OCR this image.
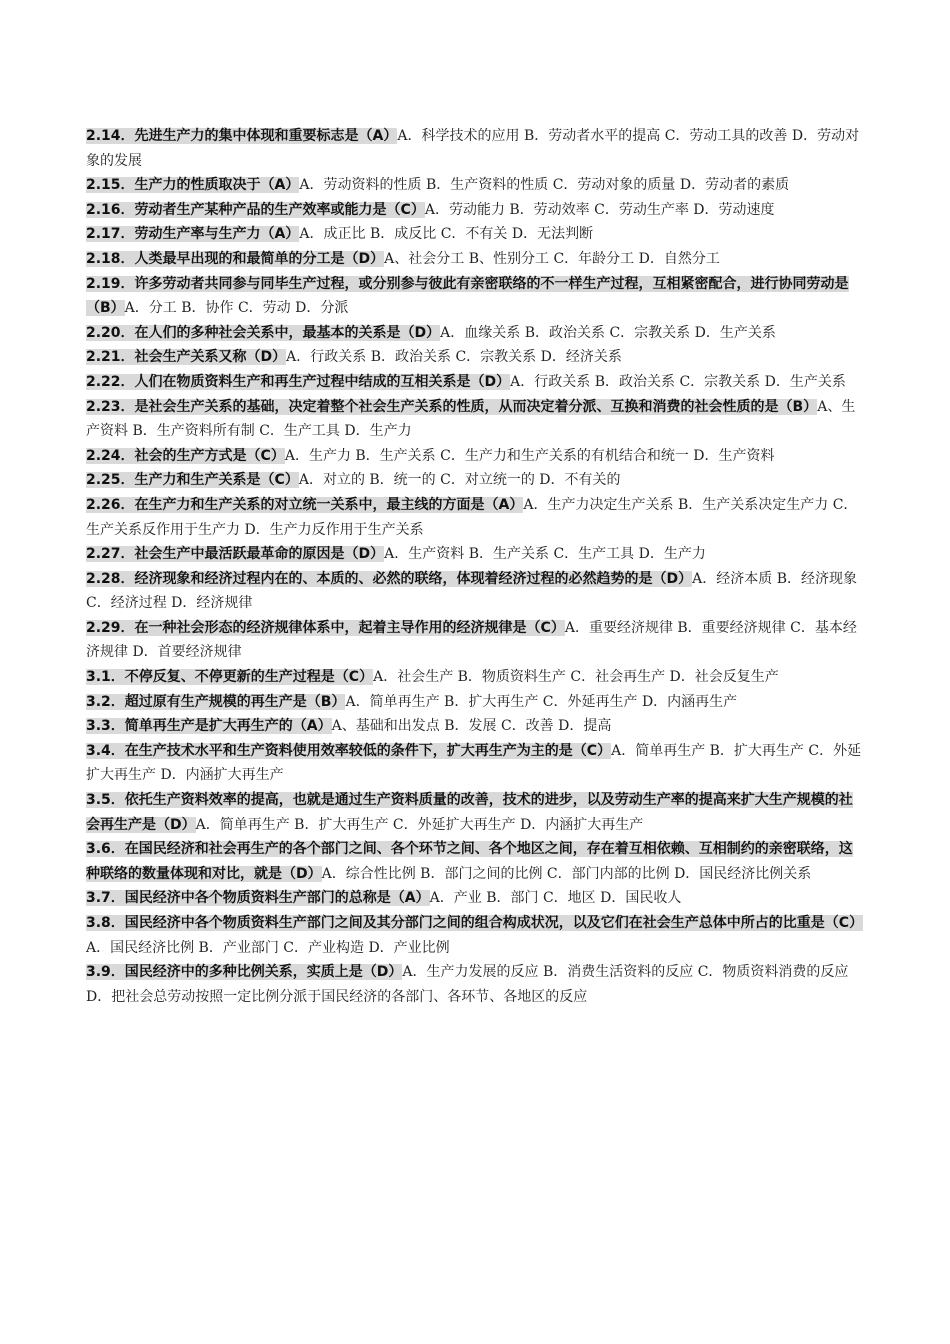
2.14．先进生产力的集中体现和重要标志是（A）A．科学技术的应用 B．劳动者水平的提高 C．劳动工具的改善 D．劳动对象的发展

2.15．生产力的性质取决于（A）A．劳动资料的性质 B．生产资料的性质 C．劳动对象的质量 D．劳动者的素质

2.16．劳动者生产某种产品的生产效率或能力是（C）A．劳动能力 B．劳动效率 C．劳动生产率 D．劳动速度

2.17．劳动生产率与生产力（A）A．成正比 B．成反比 C．不有关 D．无法判断

2.18．人类最早出现的和最简单的分工是（D）A、社会分工 B、性别分工 C．年龄分工 D．自然分工

2.19．许多劳动者共同参与同毕生产过程，或分别参与彼此有亲密联络的不一样生产过程，互相紧密配合，进行协同劳动是（B）A．分工 B．协作 C．劳动 D．分派

2.20．在人们的多种社会关系中，最基本的关系是（D）A．血缘关系 B．政治关系 C．宗教关系 D．生产关系

2.21．社会生产关系又称（D）A．行政关系 B．政治关系 C．宗教关系 D．经济关系

2.22．人们在物质资料生产和再生产过程中结成的互相关系是（D）A．行政关系 B．政治关系 C．宗教关系 D．生产关系

2.23．是社会生产关系的基础，决定着整个社会生产关系的性质，从而决定着分派、互换和消费的社会性质的是（B）A、生产资料 B．生产资料所有制 C．生产工具 D．生产力

2.24．社会的生产方式是（C）A．生产力 B．生产关系 C．生产力和生产关系的有机结合和统一 D．生产资料

2.25．生产力和生产关系是（C）A．对立的 B．统一的 C．对立统一的 D．不有关的

2.26．在生产力和生产关系的对立统一关系中，最主线的方面是（A）A．生产力决定生产关系 B．生产关系决定生产力 C．生产关系反作用于生产力 D．生产力反作用于生产关系

2.27．社会生产中最活跃最革命的原因是（D）A．生产资料 B．生产关系 C．生产工具 D．生产力

2.28．经济现象和经济过程内在的、本质的、必然的联络，体现着经济过程的必然趋势的是（D）A．经济本质 B．经济现象 C．经济过程 D．经济规律

2.29．在一种社会形态的经济规律体系中，起着主导作用的经济规律是（C）A．重要经济规律 B．重要经济规律 C．基本经济规律 D．首要经济规律

3.1．不停反复、不停更新的生产过程是（C）A．社会生产 B．物质资料生产 C．社会再生产 D．社会反复生产

3.2．超过原有生产规模的再生产是（B）A．简单再生产 B．扩大再生产 C．外延再生产 D．内涵再生产

3.3．简单再生产是扩大再生产的（A）A、基础和出发点 B．发展 C．改善 D．提高

3.4．在生产技术水平和生产资料使用效率较低的条件下，扩大再生产为主的是（C）A．简单再生产 B．扩大再生产 C．外延扩大再生产 D．内涵扩大再生产

3.5．依托生产资料效率的提高，也就是通过生产资料质量的改善，技术的进步，以及劳动生产率的提高来扩大生产规模的社会再生产是（D）A．简单再生产 B．扩大再生产 C．外延扩大再生产 D．内涵扩大再生产

3.6．在国民经济和社会再生产的各个部门之间、各个环节之间、各个地区之间，存在着互相依赖、互相制约的亲密联络，这种联络的数量体现和对比，就是（D）A．综合性比例 B．部门之间的比例 C．部门内部的比例 D．国民经济比例关系

3.7．国民经济中各个物质资料生产部门的总称是（A）A．产业 B．部门 C．地区 D．国民收人

3.8．国民经济中各个物质资料生产部门之间及其分部门之间的组合构成状况，以及它们在社会生产总体中所占的比重是（C）A．国民经济比例 B．产业部门 C．产业构造 D．产业比例

3.9．国民经济中的多种比例关系，实质上是（D）A．生产力发展的反应 B．消费生活资料的反应 C．物质资料消费的反应 D．把社会总劳动按照一定比例分派于国民经济的各部门、各环节、各地区的反应
